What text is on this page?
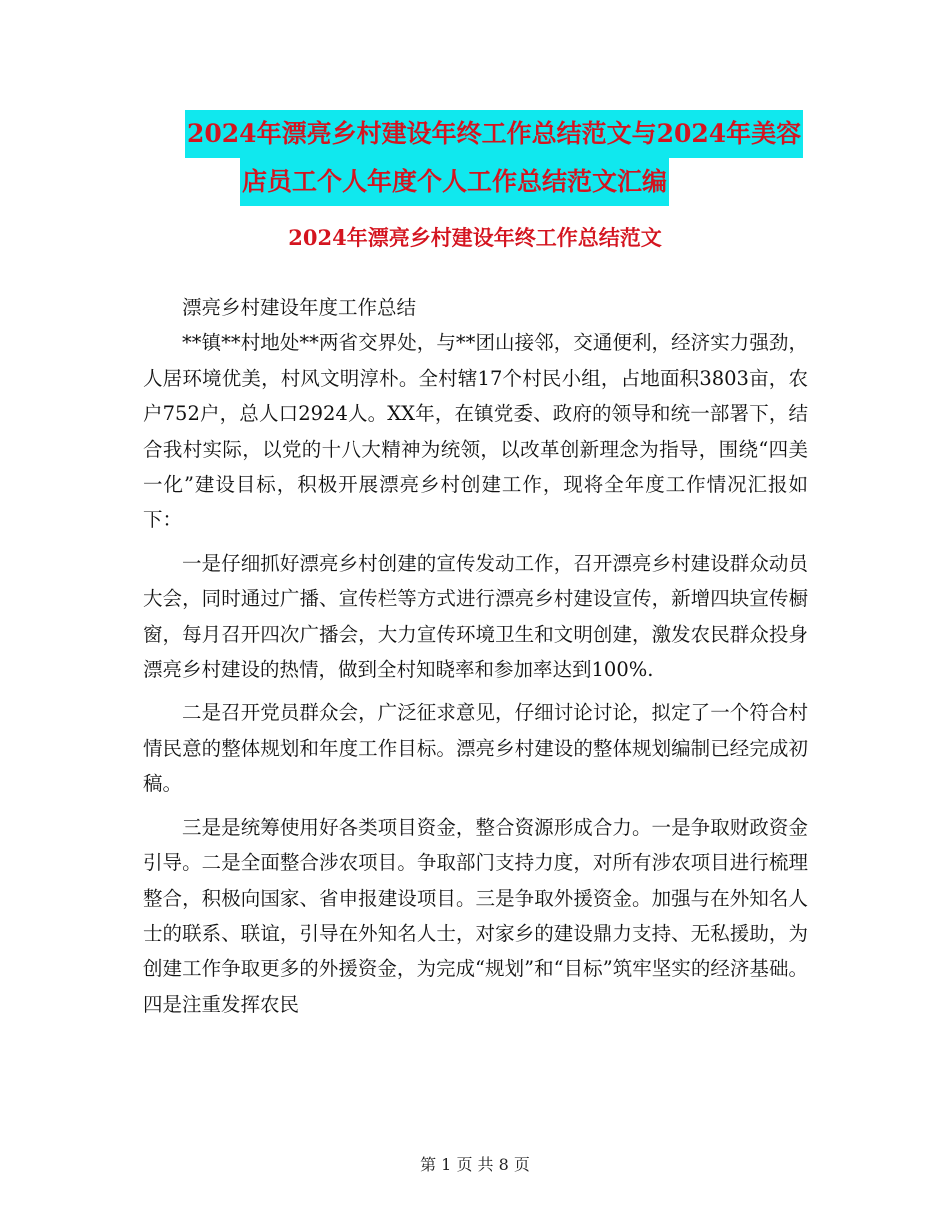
2024年漂亮乡村建设年终工作总结范文与2024年美容
店员工个人年度个人工作总结范文汇编
2024年漂亮乡村建设年终工作总结范文

漂亮乡村建设年度工作总结

**镇**村地处**两省交界处，与**团山接邻，交通便利，经济实力强劲，人居环境优美，村风文明淳朴。全村辖17个村民小组，占地面积3803亩，农户752户，总人口2924人。XX年，在镇党委、政府的领导和统一部署下，结合我村实际，以党的十八大精神为统领，以改革创新理念为指导，围绕“四美一化”建设目标，积极开展漂亮乡村创建工作，现将全年度工作情况汇报如下：

一是仔细抓好漂亮乡村创建的宣传发动工作，召开漂亮乡村建设群众动员大会，同时通过广播、宣传栏等方式进行漂亮乡村建设宣传，新增四块宣传橱窗，每月召开四次广播会，大力宣传环境卫生和文明创建，激发农民群众投身漂亮乡村建设的热情，做到全村知晓率和参加率达到100%.

二是召开党员群众会，广泛征求意见，仔细讨论讨论，拟定了一个符合村情民意的整体规划和年度工作目标。漂亮乡村建设的整体规划编制已经完成初稿。

三是是统筹使用好各类项目资金，整合资源形成合力。一是争取财政资金引导。二是全面整合涉农项目。争取部门支持力度，对所有涉农项目进行梳理整合，积极向国家、省申报建设项目。三是争取外援资金。加强与在外知名人士的联系、联谊，引导在外知名人士，对家乡的建设鼎力支持、无私援助，为创建工作争取更多的外援资金，为完成“规划”和“目标”筑牢坚实的经济基础。四是注重发挥农民

第 1 页 共 8 页
